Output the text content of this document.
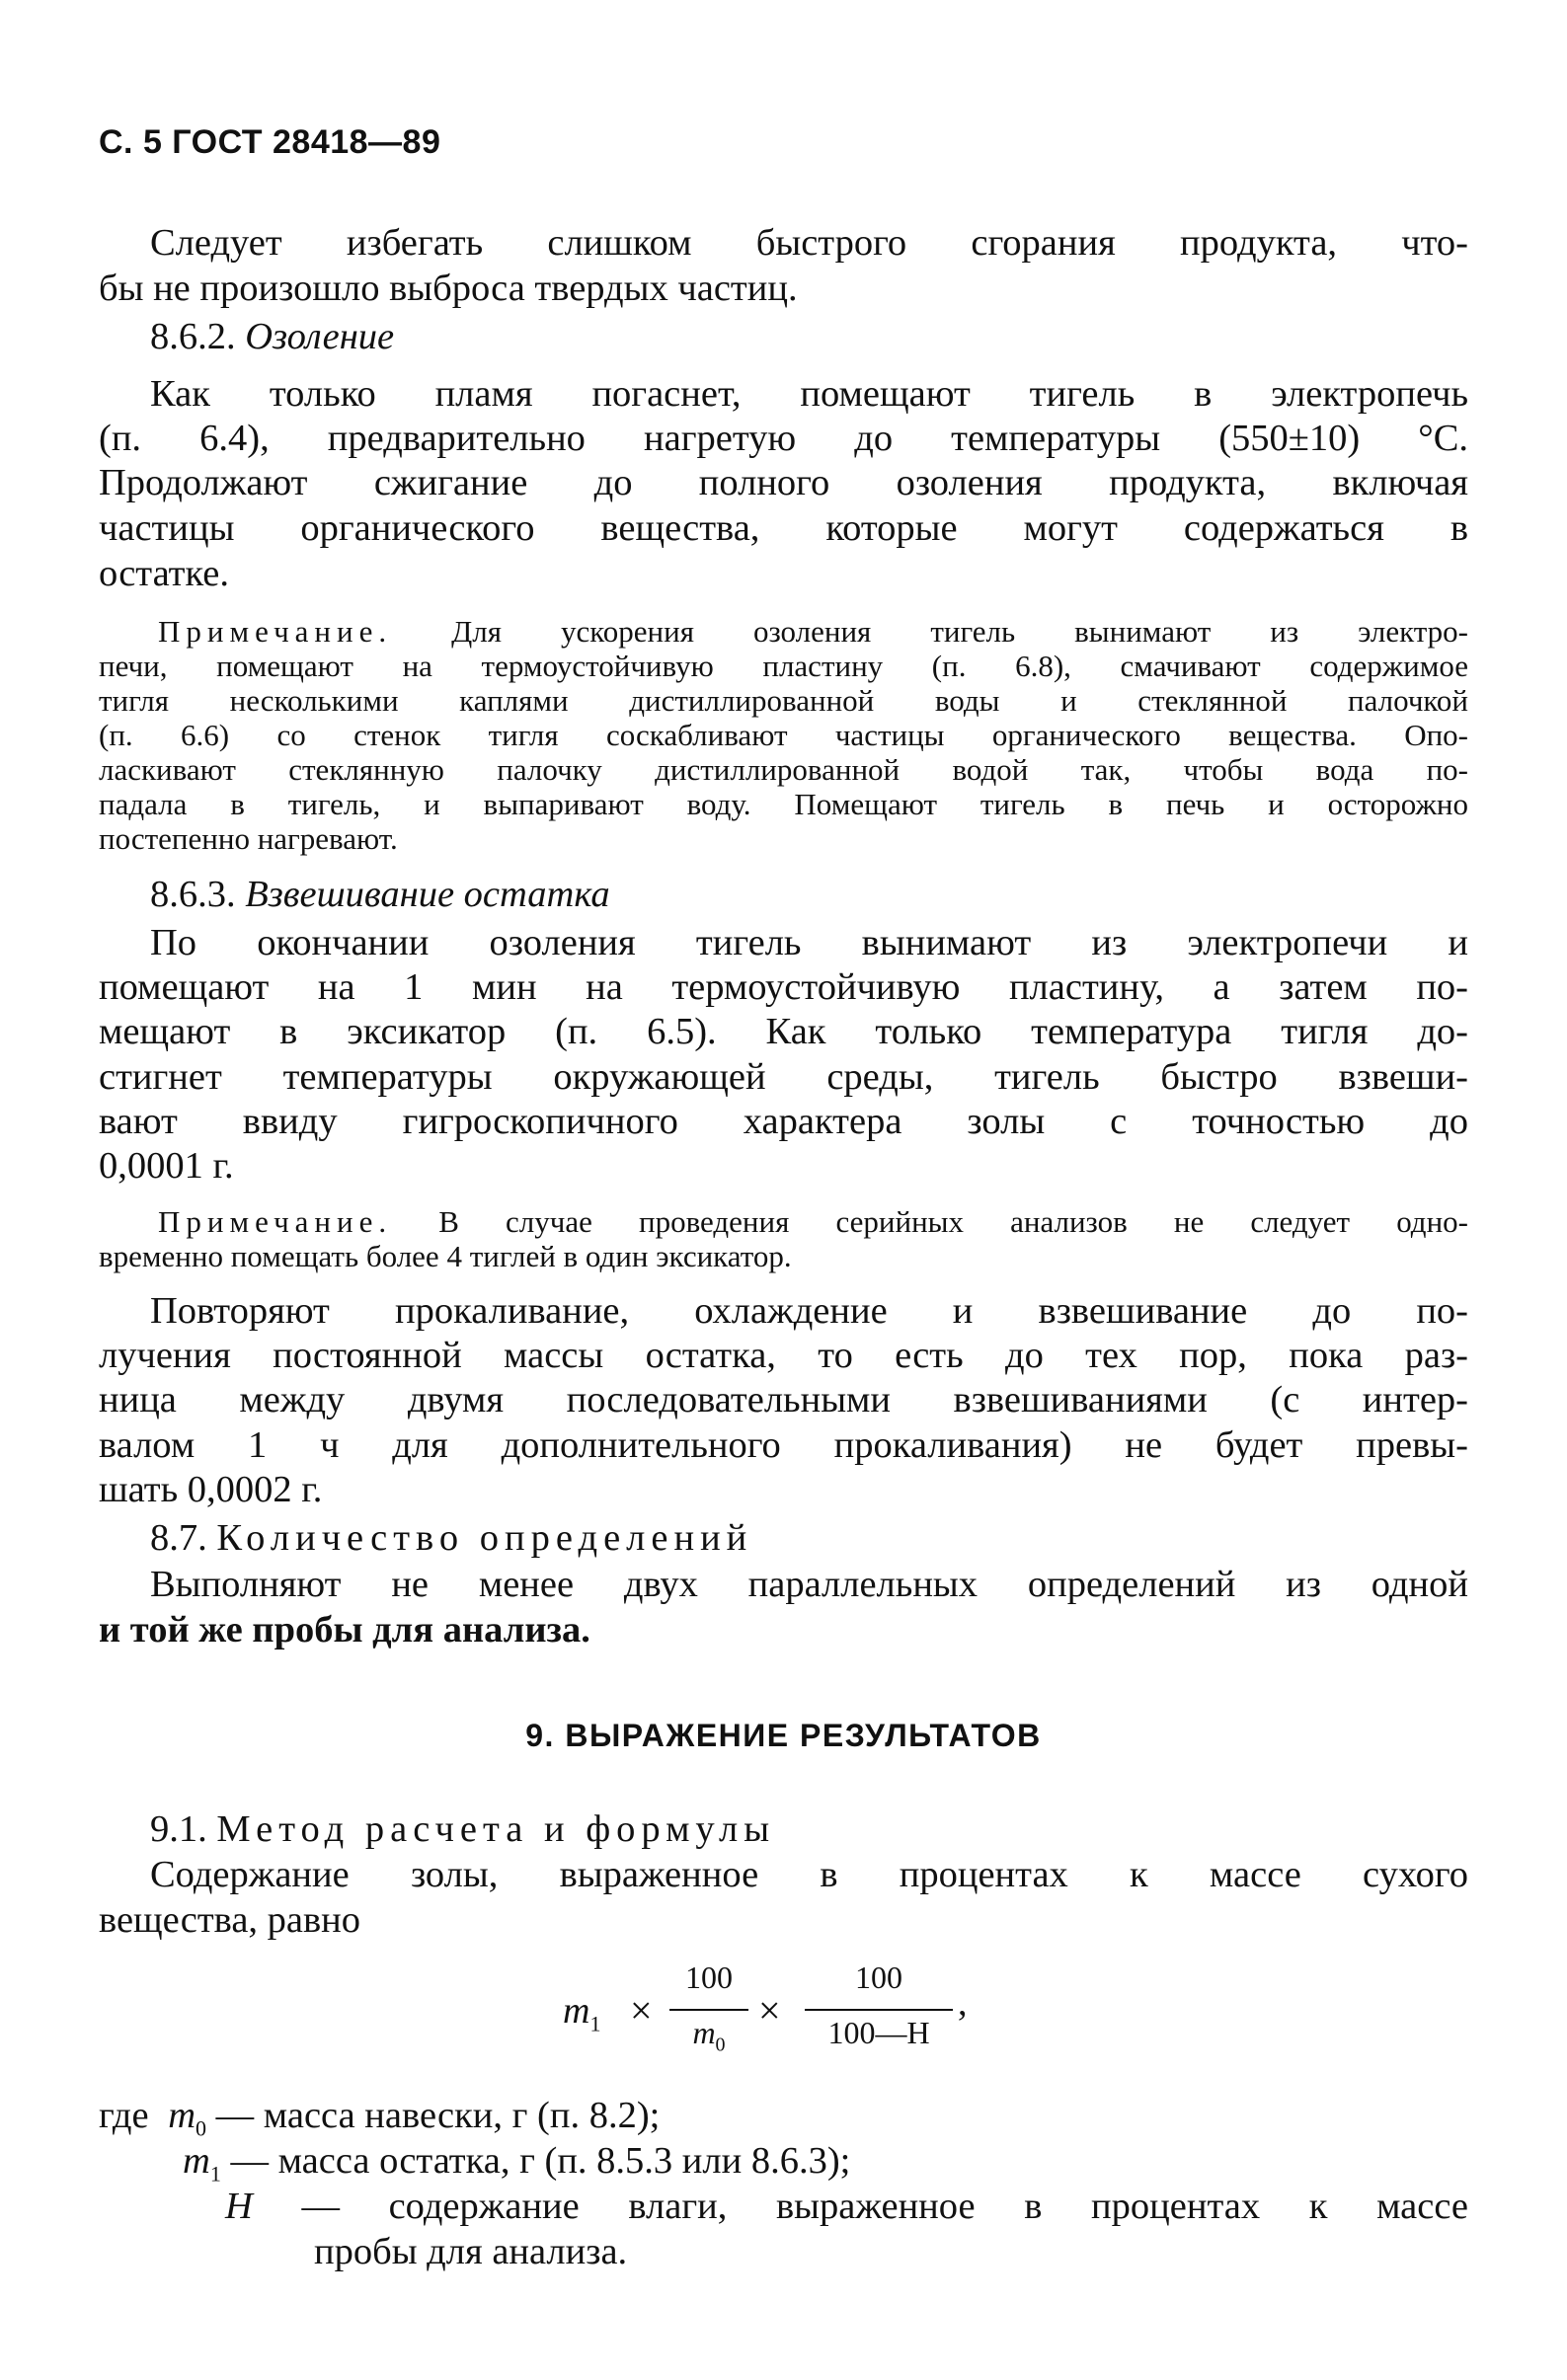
С. 5 ГОСТ 28418—89
Следует избегать слишком быстрого сгорания продукта, что-
бы не произошло выброса твердых частиц.
8.6.2. Озоление
Как только пламя погаснет, помещают тигель в электропечь
(п. 6.4), предварительно нагретую до температуры (550±10) °С.
Продолжают сжигание до полного озоления продукта, включая
частицы органического вещества, которые могут содержаться в
остатке.
Примечание. Для ускорения озоления тигель вынимают из электро-
печи, помещают на термоустойчивую пластину (п. 6.8), смачивают содержимое
тигля несколькими каплями дистиллированной воды и стеклянной палочкой
(п. 6.6) со стенок тигля соскабливают частицы органического вещества. Опо-
ласкивают стеклянную палочку дистиллированной водой так, чтобы вода по-
падала в тигель, и выпаривают воду. Помещают тигель в печь и осторожно
постепенно нагревают.
8.6.3. Взвешивание остатка
По окончании озоления тигель вынимают из электропечи и
помещают на 1 мин на термоустойчивую пластину, а затем по-
мещают в эксикатор (п. 6.5). Как только температура тигля до-
стигнет температуры окружающей среды, тигель быстро взвеши-
вают ввиду гигроскопичного характера золы с точностью до
0,0001 г.
Примечание. В случае проведения серийных анализов не следует одно-
временно помещать более 4 тиглей в один эксикатор.
Повторяют прокаливание, охлаждение и взвешивание до по-
лучения постоянной массы остатка, то есть до тех пор, пока раз-
ница между двумя последовательными взвешиваниями (с интер-
валом 1 ч для дополнительного прокаливания) не будет превы-
шать 0,0002 г.
8.7. Количество определений
Выполняют не менее двух параллельных определений из одной
и той же пробы для анализа.
9. ВЫРАЖЕНИЕ РЕЗУЛЬТАТОВ
9.1. Метод расчета и формулы
Содержание золы, выраженное в процентах к массе сухого
вещества, равно
$m_1$ ×
100
$m_0$
×
100
100—H
,
где $m_0$ — масса навески, г (п. 8.2);
$m_1$ — масса остатка, г (п. 8.5.3 или 8.6.3);
H — содержание влаги, выраженное в процентах к массе
пробы для анализа.
